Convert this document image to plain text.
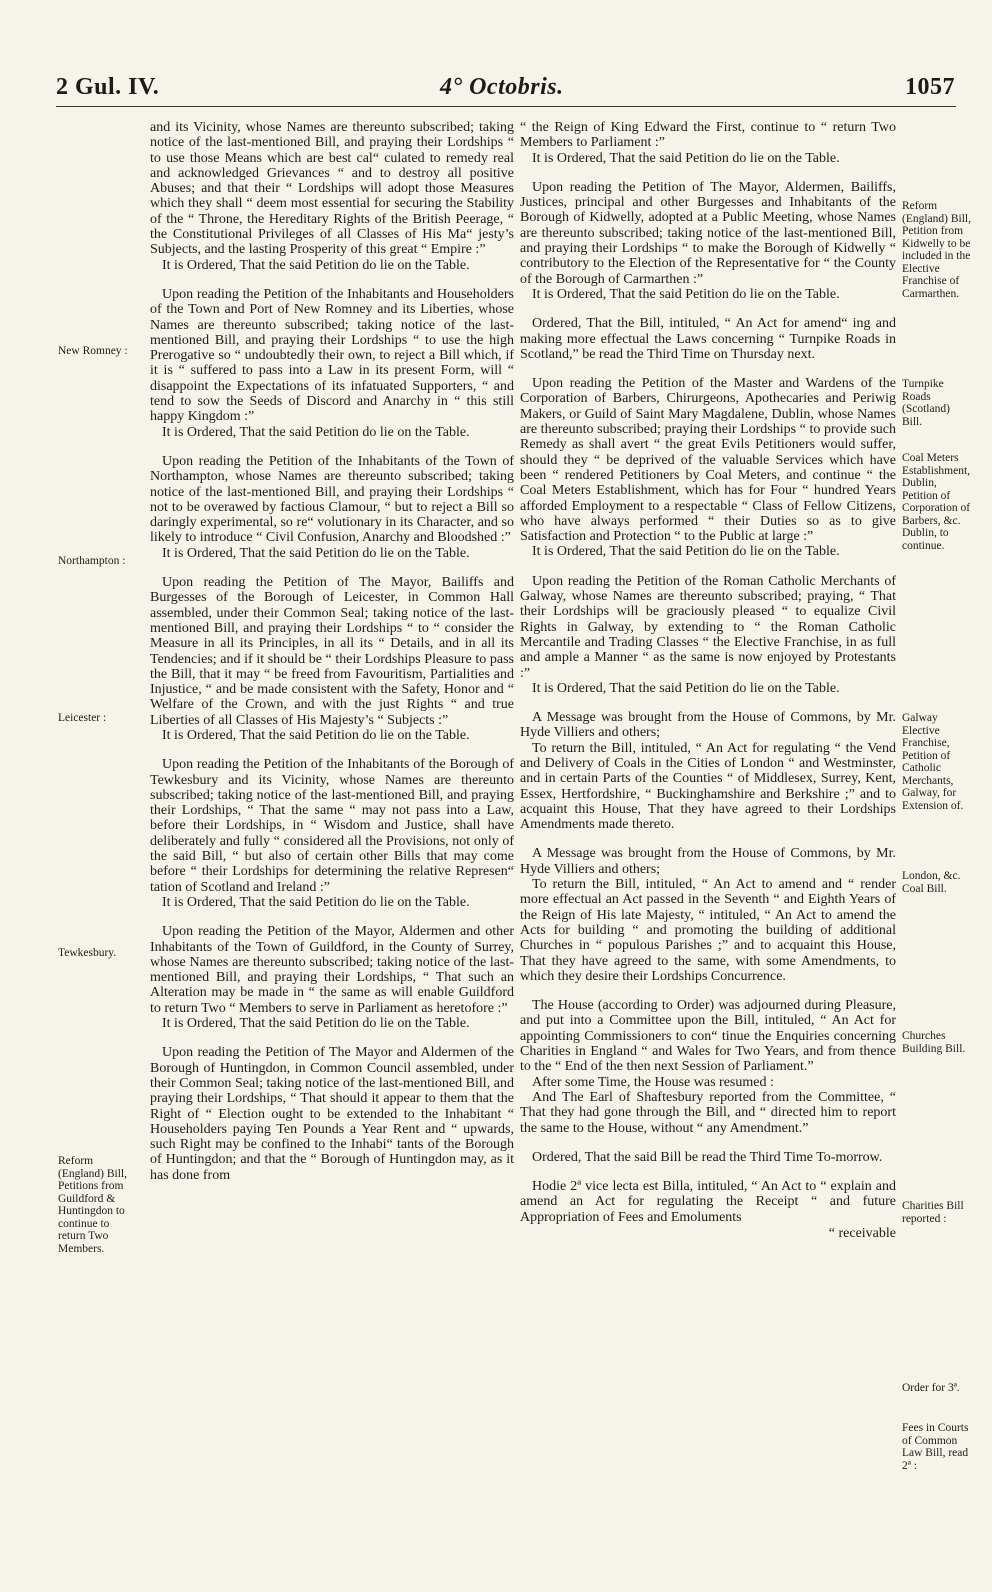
2 Gul. IV.	4° Octobris.	1057

and its Vicinity, whose Names are thereunto subscribed; taking notice of the last-mentioned Bill, and praying their Lordships “ to use those Means which are best cal“ culated to remedy real and acknowledged Grievances “ and to destroy all positive Abuses; and that their “ Lordships will adopt those Measures which they shall “ deem most essential for securing the Stability of the “ Throne, the Hereditary Rights of the British Peerage, “ the Constitutional Privileges of all Classes of His Ma“ jesty’s Subjects, and the lasting Prosperity of this great “ Empire :”

It is Ordered, That the said Petition do lie on the Table.

Upon reading the Petition of the Inhabitants and Householders of the Town and Port of New Romney and its Liberties, whose Names are thereunto subscribed; taking notice of the last-mentioned Bill, and praying their Lordships “ to use the high Prerogative so “ undoubtedly their own, to reject a Bill which, if it is “ suffered to pass into a Law in its present Form, will “ disappoint the Expectations of its infatuated Supporters, “ and tend to sow the Seeds of Discord and Anarchy in “ this still happy Kingdom :”

It is Ordered, That the said Petition do lie on the Table.

Upon reading the Petition of the Inhabitants of the Town of Northampton, whose Names are thereunto subscribed; taking notice of the last-mentioned Bill, and praying their Lordships “ not to be overawed by factious Clamour, “ but to reject a Bill so daringly experimental, so re“ volutionary in its Character, and so likely to introduce “ Civil Confusion, Anarchy and Bloodshed :”

It is Ordered, That the said Petition do lie on the Table.

Upon reading the Petition of The Mayor, Bailiffs and Burgesses of the Borough of Leicester, in Common Hall assembled, under their Common Seal; taking notice of the last-mentioned Bill, and praying their Lordships “ to “ consider the Measure in all its Principles, in all its “ Details, and in all its Tendencies; and if it should be “ their Lordships Pleasure to pass the Bill, that it may “ be freed from Favouritism, Partialities and Injustice, “ and be made consistent with the Safety, Honor and “ Welfare of the Crown, and with the just Rights “ and true Liberties of all Classes of His Majesty’s “ Subjects :”

It is Ordered, That the said Petition do lie on the Table.

Upon reading the Petition of the Inhabitants of the Borough of Tewkesbury and its Vicinity, whose Names are thereunto subscribed; taking notice of the last-mentioned Bill, and praying their Lordships, “ That the same “ may not pass into a Law, before their Lordships, in “ Wisdom and Justice, shall have deliberately and fully “ considered all the Provisions, not only of the said Bill, “ but also of certain other Bills that may come before “ their Lordships for determining the relative Represen“ tation of Scotland and Ireland :”

It is Ordered, That the said Petition do lie on the Table.

Upon reading the Petition of the Mayor, Aldermen and other Inhabitants of the Town of Guildford, in the County of Surrey, whose Names are thereunto subscribed; taking notice of the last-mentioned Bill, and praying their Lordships, “ That such an Alteration may be made in “ the same as will enable Guildford to return Two “ Members to serve in Parliament as heretofore :”

It is Ordered, That the said Petition do lie on the Table.

Upon reading the Petition of The Mayor and Aldermen of the Borough of Huntingdon, in Common Council assembled, under their Common Seal; taking notice of the last-mentioned Bill, and praying their Lordships, “ That should it appear to them that the Right of “ Election ought to be extended to the Inhabitant “ Householders paying Ten Pounds a Year Rent and “ upwards, such Right may be confined to the Inhabi“ tants of the Borough of Huntingdon; and that the “ Borough of Huntingdon may, as it has done from

“ the Reign of King Edward the First, continue to “ return Two Members to Parliament :”

It is Ordered, That the said Petition do lie on the Table.

Upon reading the Petition of The Mayor, Aldermen, Bailiffs, Justices, principal and other Burgesses and Inhabitants of the Borough of Kidwelly, adopted at a Public Meeting, whose Names are thereunto subscribed; taking notice of the last-mentioned Bill, and praying their Lordships “ to make the Borough of Kidwelly “ contributory to the Election of the Representative for “ the County of the Borough of Carmarthen :”

It is Ordered, That the said Petition do lie on the Table.

Ordered, That the Bill, intituled, “ An Act for amend“ ing and making more effectual the Laws concerning “ Turnpike Roads in Scotland,” be read the Third Time on Thursday next.

Upon reading the Petition of the Master and Wardens of the Corporation of Barbers, Chirurgeons, Apothecaries and Periwig Makers, or Guild of Saint Mary Magdalene, Dublin, whose Names are thereunto subscribed; praying their Lordships “ to provide such Remedy as shall avert “ the great Evils Petitioners would suffer, should they “ be deprived of the valuable Services which have been “ rendered Petitioners by Coal Meters, and continue “ the Coal Meters Establishment, which has for Four “ hundred Years afforded Employment to a respectable “ Class of Fellow Citizens, who have always performed “ their Duties so as to give Satisfaction and Protection “ to the Public at large :”

It is Ordered, That the said Petition do lie on the Table.

Upon reading the Petition of the Roman Catholic Merchants of Galway, whose Names are thereunto subscribed; praying, “ That their Lordships will be graciously pleased “ to equalize Civil Rights in Galway, by extending to “ the Roman Catholic Mercantile and Trading Classes “ the Elective Franchise, in as full and ample a Manner “ as the same is now enjoyed by Protestants :”

It is Ordered, That the said Petition do lie on the Table.

A Message was brought from the House of Commons, by Mr. Hyde Villiers and others;

To return the Bill, intituled, “ An Act for regulating “ the Vend and Delivery of Coals in the Cities of London “ and Westminster, and in certain Parts of the Counties “ of Middlesex, Surrey, Kent, Essex, Hertfordshire, “ Buckinghamshire and Berkshire ;” and to acquaint this House, That they have agreed to their Lordships Amendments made thereto.

A Message was brought from the House of Commons, by Mr. Hyde Villiers and others;

To return the Bill, intituled, “ An Act to amend and “ render more effectual an Act passed in the Seventh “ and Eighth Years of the Reign of His late Majesty, “ intituled, “ An Act to amend the Acts for building “ and promoting the building of additional Churches in “ populous Parishes ;” and to acquaint this House, That they have agreed to the same, with some Amendments, to which they desire their Lordships Concurrence.

The House (according to Order) was adjourned during Pleasure, and put into a Committee upon the Bill, intituled, “ An Act for appointing Commissioners to con“ tinue the Enquiries concerning Charities in England “ and Wales for Two Years, and from thence to the “ End of the then next Session of Parliament.”

After some Time, the House was resumed :

And The Earl of Shaftesbury reported from the Committee, “ That they had gone through the Bill, and “ directed him to report the same to the House, without “ any Amendment.”

Ordered, That the said Bill be read the Third Time To-morrow.

Hodie 2ª vice lecta est Billa, intituled, “ An Act to “ explain and amend an Act for regulating the Receipt “ and future Appropriation of Fees and Emoluments

“ receivable

New Romney :
Northampton :
Leicester :
Tewkesbury.
Reform (England) Bill, Petitions from Guildford & Huntingdon to continue to return Two Members.
Reform (England) Bill, Petition from Kidwelly to be included in the Elective Franchise of Carmarthen.
Turnpike Roads (Scotland) Bill.
Coal Meters Establishment, Dublin, Petition of Corporation of Barbers, &c. Dublin, to continue.
Galway Elective Franchise, Petition of Catholic Merchants, Galway, for Extension of.
London, &c. Coal Bill.
Churches Building Bill.
Charities Bill reported :
Order for 3ª.
Fees in Courts of Common Law Bill, read 2ª :
